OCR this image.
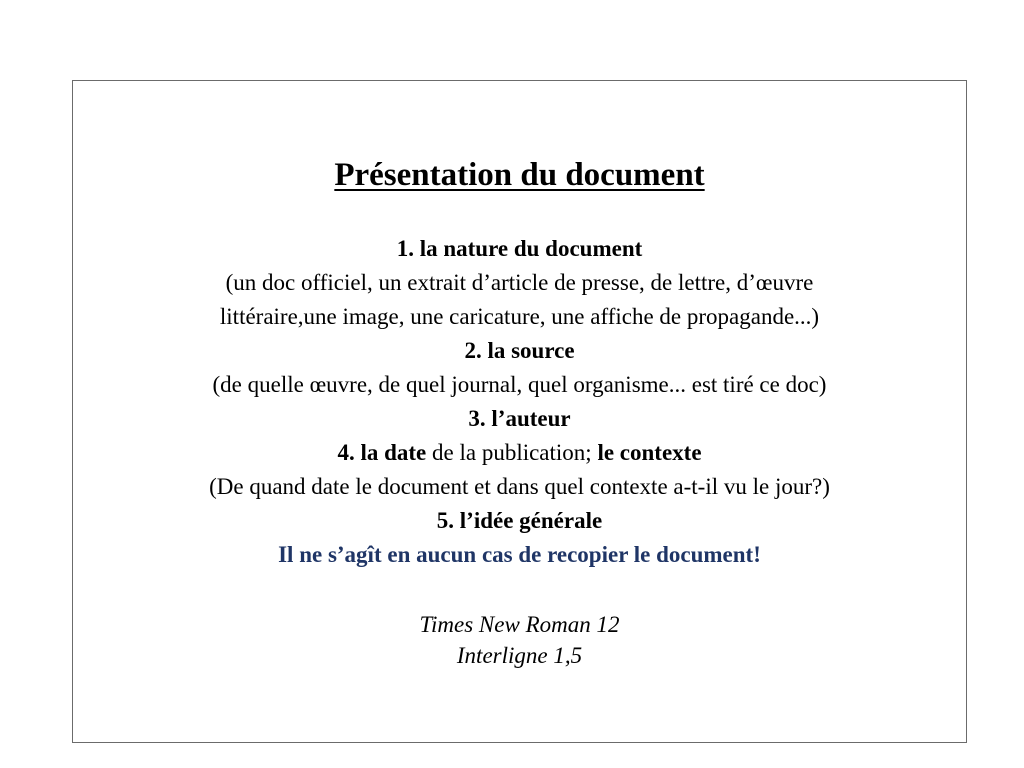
Présentation du document
1. la nature du document
(un doc officiel, un extrait d’article de presse, de lettre, d’œuvre
littéraire,une image, une caricature, une affiche de propagande...)
2. la source
(de quelle œuvre, de quel journal, quel organisme... est tiré ce doc)
3. l’auteur
4. la date de la publication; le contexte
(De quand date le document et dans quel contexte a-t-il vu le jour?)
5. l’idée générale
Il ne s’agît en aucun cas de recopier le document!
Times New Roman 12
Interligne 1,5
